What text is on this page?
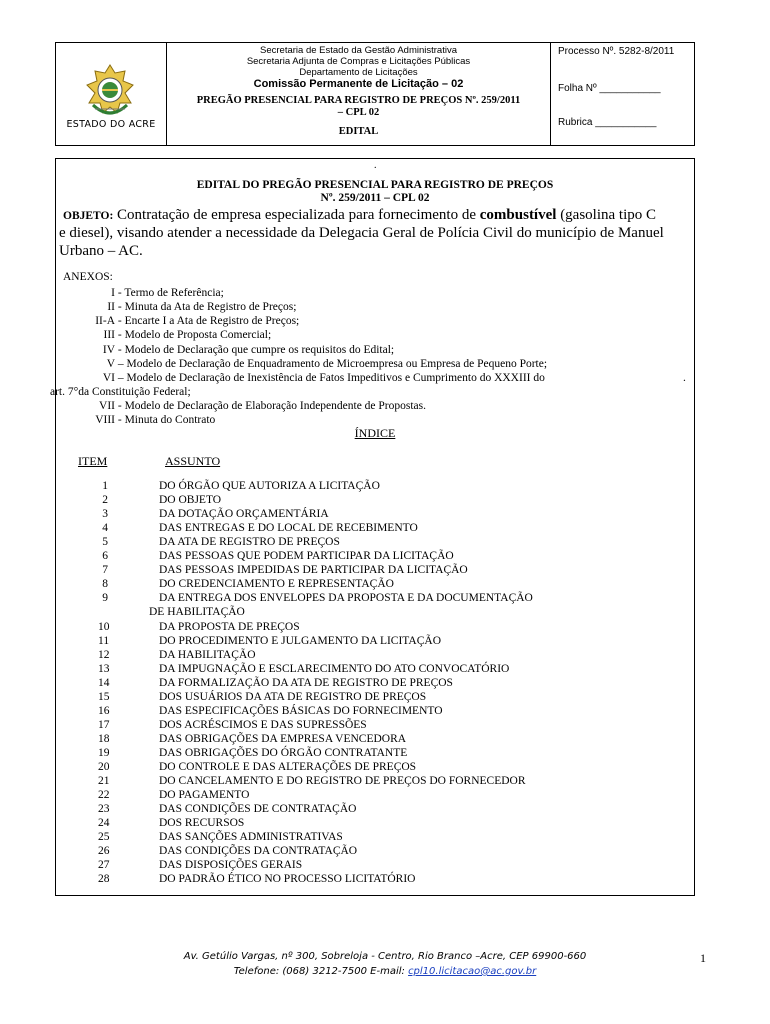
ESTADO DO ACRE
Secretaria de Estado da Gestão Administrativa
Secretaria Adjunta de Compras e Licitações Públicas
Departamento de Licitações
Comissão Permanente de Licitação – 02
PREGÃO PRESENCIAL PARA REGISTRO DE PREÇOS Nº. 259/2011
– CPL 02
EDITAL
Processo Nº. 5282-8/2011
Folha Nº ___________
Rubrica ___________
.
EDITAL DO PREGÃO PRESENCIAL PARA REGISTRO DE PREÇOS
Nº. 259/2011 – CPL 02
OBJETO: Contratação de empresa especializada para fornecimento de combustível (gasolina tipo C
e diesel), visando atender a necessidade da Delegacia Geral de Polícia Civil do município de Manuel
Urbano – AC.
ANEXOS:
I - Termo de Referência;
II - Minuta da Ata de Registro de Preços;
II-A - Encarte I a Ata de Registro de Preços;
III - Modelo de Proposta Comercial;
IV - Modelo de Declaração que cumpre os requisitos do Edital;
V – Modelo de Declaração de Enquadramento de Microempresa ou Empresa de Pequeno Porte;
VI – Modelo de Declaração de Inexistência de Fatos Impeditivos e Cumprimento do XXXIII do	.
art. 7°da Constituição Federal;
VII - Modelo de Declaração de Elaboração Independente de Propostas.
VIII - Minuta do Contrato
ÍNDICE
ITEM	ASSUNTO
1	DO ÓRGÃO QUE AUTORIZA A LICITAÇÃO
2	DO OBJETO
3	DA DOTAÇÃO ORÇAMENTÁRIA
4	DAS ENTREGAS E DO LOCAL DE RECEBIMENTO
5	DA ATA DE REGISTRO DE PREÇOS
6	DAS PESSOAS QUE PODEM PARTICIPAR DA LICITAÇÃO
7	DAS PESSOAS IMPEDIDAS DE PARTICIPAR DA LICITAÇÃO
8	DO CREDENCIAMENTO E REPRESENTAÇÃO
9	DA ENTREGA DOS ENVELOPES DA PROPOSTA E DA DOCUMENTAÇÃO
DE HABILITAÇÃO
10	DA PROPOSTA DE PREÇOS
11	DO PROCEDIMENTO E JULGAMENTO DA LICITAÇÃO
12	DA HABILITAÇÃO
13	DA IMPUGNAÇÃO E ESCLARECIMENTO DO ATO CONVOCATÓRIO
14	DA FORMALIZAÇÃO DA ATA DE REGISTRO DE PREÇOS
15	DOS USUÁRIOS DA ATA DE REGISTRO DE PREÇOS
16	DAS ESPECIFICAÇÕES BÁSICAS DO FORNECIMENTO
17	DOS ACRÉSCIMOS E DAS SUPRESSÕES
18	DAS OBRIGAÇÕES DA EMPRESA VENCEDORA
19	DAS OBRIGAÇÕES DO ÓRGÃO CONTRATANTE
20	DO CONTROLE E DAS ALTERAÇÕES DE PREÇOS
21	DO CANCELAMENTO E DO REGISTRO DE PREÇOS DO FORNECEDOR
22	DO PAGAMENTO
23	DAS CONDIÇÕES DE CONTRATAÇÃO
24	DOS RECURSOS
25	DAS SANÇÕES ADMINISTRATIVAS
26	DAS CONDIÇÕES DA CONTRATAÇÃO
27	DAS DISPOSIÇÕES GERAIS
28	DO PADRÃO ÉTICO NO PROCESSO LICITATÓRIO
Av. Getúlio Vargas, nº 300, Sobreloja - Centro, Rio Branco –Acre, CEP 69900-660
Telefone: (068) 3212-7500 E-mail: cpl10.licitacao@ac.gov.br
1
